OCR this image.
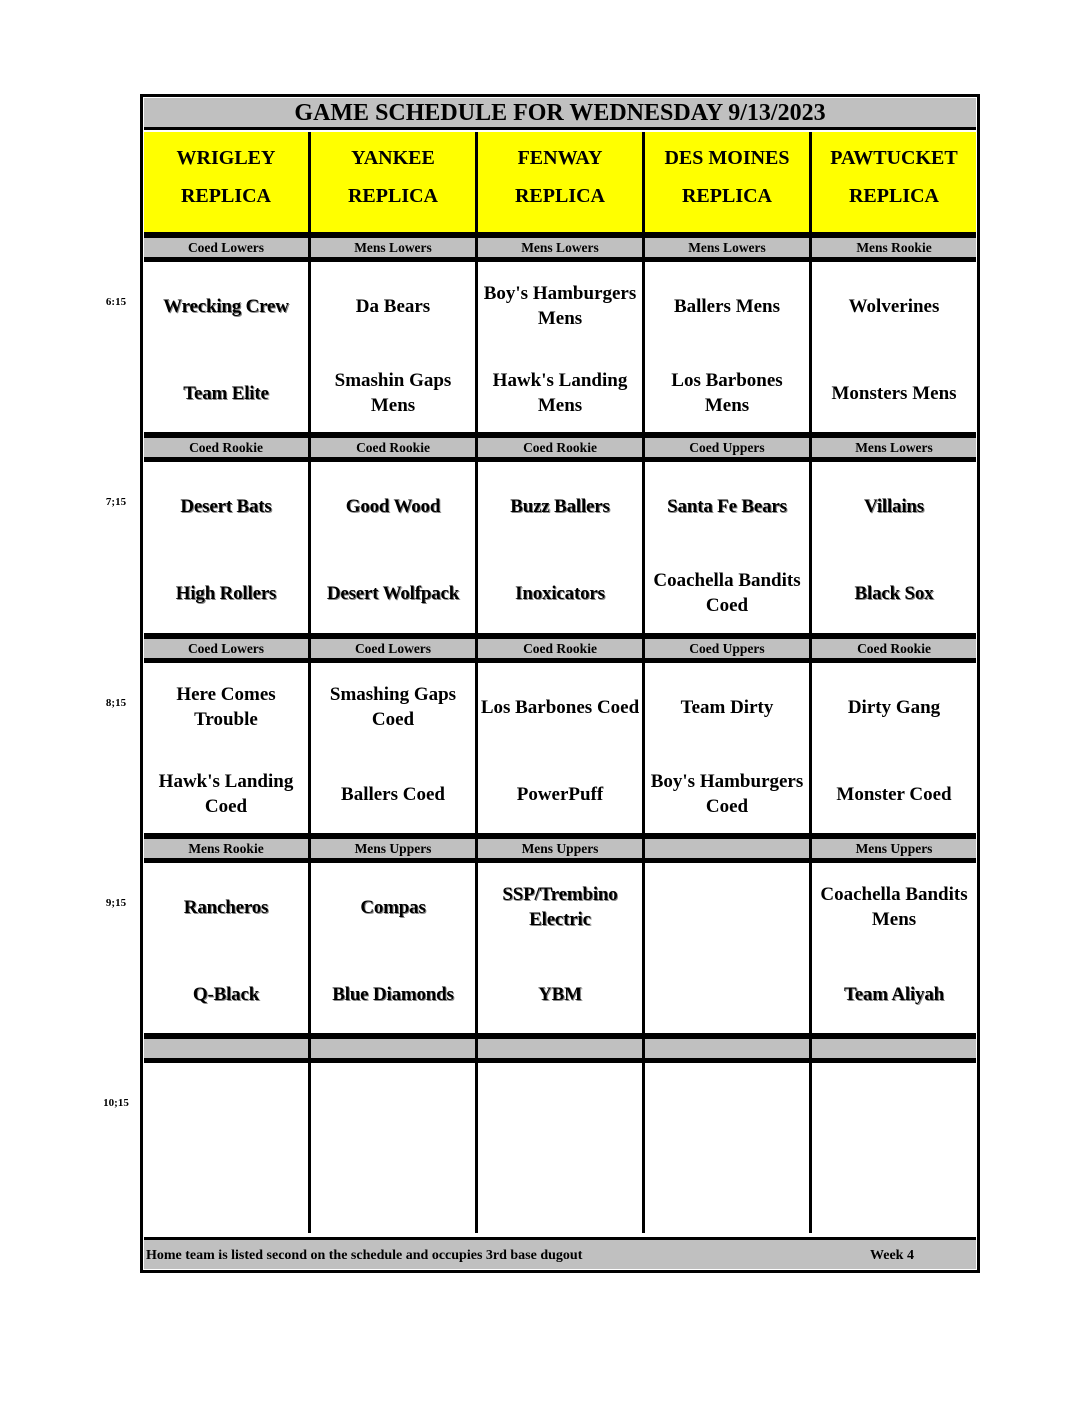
GAME SCHEDULE FOR WEDNESDAY 9/13/2023
WRIGLEY
REPLICA
YANKEE
REPLICA
FENWAY
REPLICA
DES MOINES
REPLICA
PAWTUCKET
REPLICA
6:15
Coed Lowers
Wrecking Crew
Team Elite
Mens Lowers
Da Bears
Smashin Gaps Mens
Mens Lowers
Boy's Hamburgers Mens
Hawk's Landing Mens
Mens Lowers
Ballers Mens
Los Barbones Mens
Mens Rookie
Wolverines
Monsters Mens
7;15
Coed Rookie
Desert Bats
High Rollers
Coed Rookie
Good Wood
Desert Wolfpack
Coed Rookie
Buzz Ballers
Inoxicators
Coed Uppers
Santa Fe Bears
Coachella Bandits Coed
Mens Lowers
Villains
Black Sox
8;15
Coed Lowers
Here Comes Trouble
Hawk's Landing Coed
Coed Lowers
Smashing Gaps Coed
Ballers Coed
Coed Rookie
Los Barbones Coed
PowerPuff
Coed Uppers
Team Dirty
Boy's Hamburgers Coed
Coed Rookie
Dirty Gang
Monster Coed
9;15
Mens Rookie
Rancheros
Q-Black
Mens Uppers
Compas
Blue Diamonds
Mens Uppers
SSP/Trembino Electric
YBM
Mens Uppers
Coachella Bandits Mens
Team Aliyah
10;15
Home team is listed second on the schedule and occupies 3rd base dugout	Week 4
